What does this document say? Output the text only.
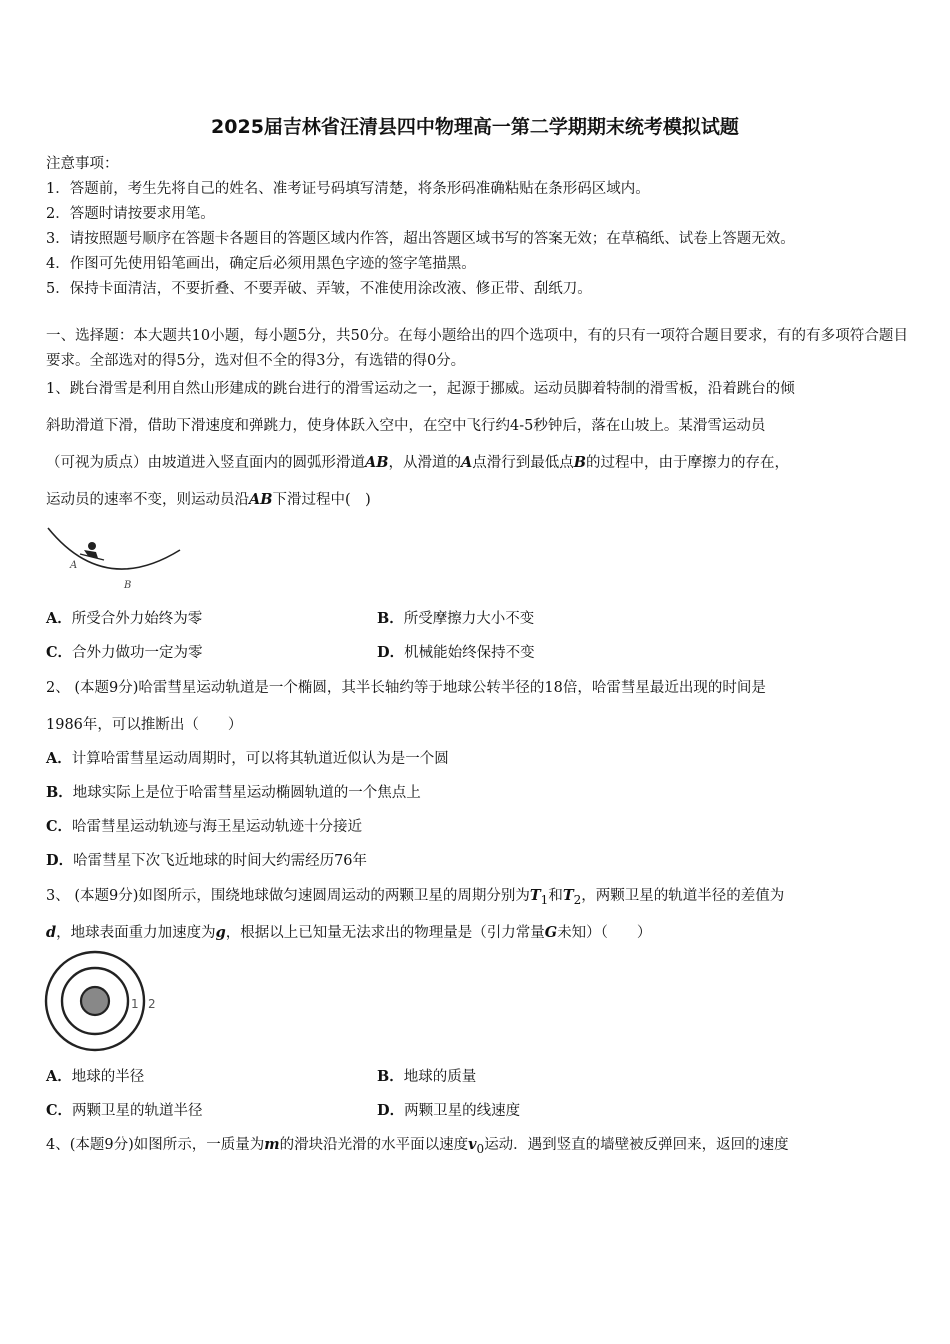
2025届吉林省汪清县四中物理高一第二学期期末统考模拟试题
注意事项：
1．答题前，考生先将自己的姓名、准考证号码填写清楚，将条形码准确粘贴在条形码区域内。
2．答题时请按要求用笔。
3．请按照题号顺序在答题卡各题目的答题区域内作答，超出答题区域书写的答案无效；在草稿纸、试卷上答题无效。
4．作图可先使用铅笔画出，确定后必须用黑色字迹的签字笔描黑。
5．保持卡面清洁，不要折叠、不要弄破、弄皱，不准使用涂改液、修正带、刮纸刀。
一、选择题：本大题共10小题，每小题5分，共50分。在每小题给出的四个选项中，有的只有一项符合题目要求，有的有多项符合题目要求。全部选对的得5分，选对但不全的得3分，有选错的得0分。
1、跳台滑雪是利用自然山形建成的跳台进行的滑雪运动之一，起源于挪威。运动员脚着特制的滑雪板，沿着跳台的倾
斜助滑道下滑，借助下滑速度和弹跳力，使身体跃入空中，在空中飞行约4-5秒钟后，落在山坡上。某滑雪运动员
（可视为质点）由坡道进入竖直面内的圆弧形滑道AB，从滑道的A点滑行到最低点B的过程中，由于摩擦力的存在，
运动员的速率不变，则运动员沿AB下滑过程中(　)
A
B
A．所受合外力始终为零	B．所受摩擦力大小不变
C．合外力做功一定为零	D．机械能始终保持不变
2、 (本题9分)哈雷彗星运动轨道是一个椭圆，其半长轴约等于地球公转半径的18倍，哈雷彗星最近出现的时间是
1986年，可以推断出（　　）
A．计算哈雷彗星运动周期时，可以将其轨道近似认为是一个圆
B．地球实际上是位于哈雷彗星运动椭圆轨道的一个焦点上
C．哈雷彗星运动轨迹与海王星运动轨迹十分接近
D．哈雷彗星下次飞近地球的时间大约需经历76年
3、 (本题9分)如图所示，围绕地球做匀速圆周运动的两颗卫星的周期分别为$T_1$和$T_2$，两颗卫星的轨道半径的差值为
d，地球表面重力加速度为g，根据以上已知量无法求出的物理量是（引力常量G未知）（　　）
1 2
A．地球的半径	B．地球的质量
C．两颗卫星的轨道半径	D．两颗卫星的线速度
4、(本题9分)如图所示，一质量为m的滑块沿光滑的水平面以速度$v_0$运动．遇到竖直的墙壁被反弹回来，返回的速度
